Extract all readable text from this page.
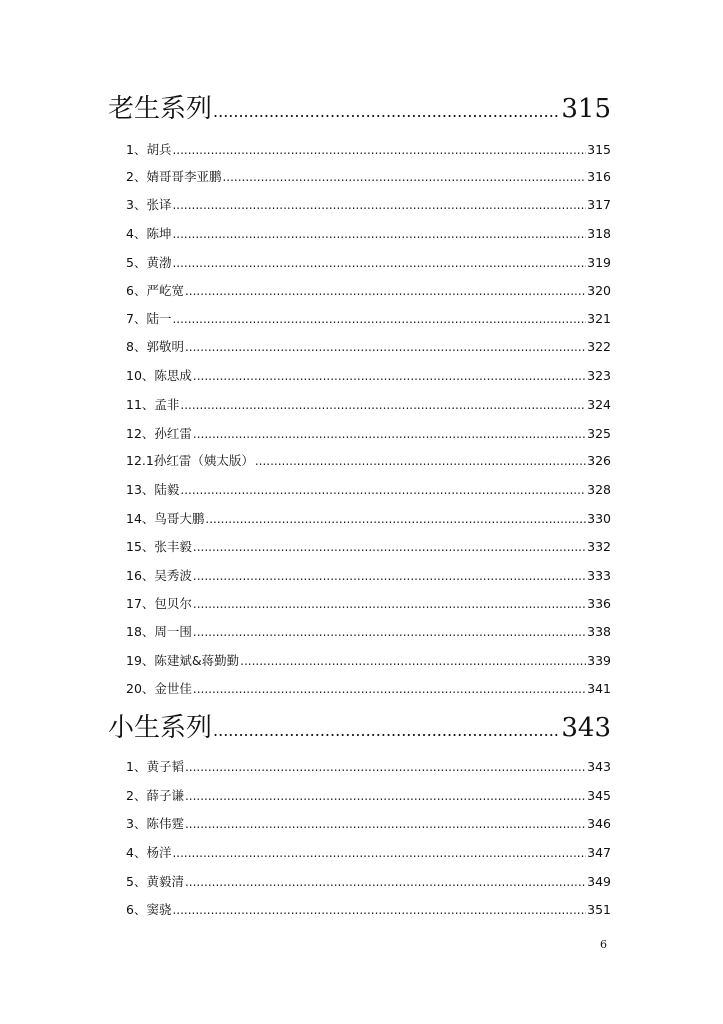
老生系列 .....	315
1、胡兵 .....	315
2、婧哥哥李亚鹏 .....	316
3、张译 .....	317
4、陈坤 .....	318
5、黄渤 .....	319
6、严屹宽 .....	320
7、陆一 .....	321
8、郭敬明 .....	322
10、陈思成 .....	323
11、孟非 .....	324
12、孙红雷 .....	325
12.1孙红雷（姨太版） .....	326
13、陆毅 .....	328
14、鸟哥大鹏 .....	330
15、张丰毅 .....	332
16、吴秀波 .....	333
17、包贝尔 .....	336
18、周一围 .....	338
19、陈建斌&蒋勤勤 .....	339
20、金世佳 .....	341
小生系列 .....	343
1、黄子韬 .....	343
2、薛子谦 .....	345
3、陈伟霆 .....	346
4、杨洋 .....	347
5、黄毅清 .....	349
6、窦骁 .....	351
6
